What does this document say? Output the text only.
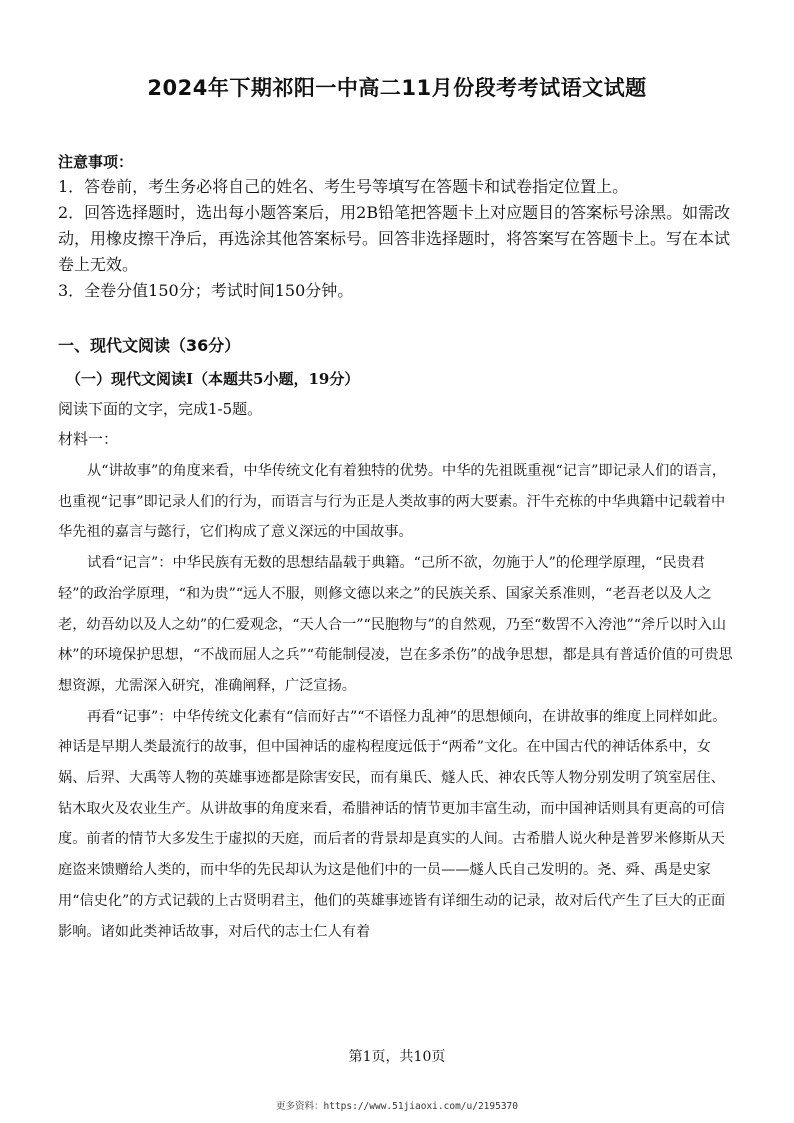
2024年下期祁阳一中高二11月份段考考试语文试题
注意事项：
1．答卷前，考生务必将自己的姓名、考生号等填写在答题卡和试卷指定位置上。
2．回答选择题时，选出每小题答案后，用2B铅笔把答题卡上对应题目的答案标号涂黑。如需改动，用橡皮擦干净后，再选涂其他答案标号。回答非选择题时，将答案写在答题卡上。写在本试卷上无效。
3．全卷分值150分；考试时间150分钟。
一、现代文阅读（36分）
（一）现代文阅读Ⅰ（本题共5小题，19分）
阅读下面的文字，完成1-5题。
材料一：

从“讲故事”的角度来看，中华传统文化有着独特的优势。中华的先祖既重视“记言”即记录人们的语言，也重视“记事”即记录人们的行为，而语言与行为正是人类故事的两大要素。汗牛充栋的中华典籍中记载着中华先祖的嘉言与懿行，它们构成了意义深远的中国故事。

试看“记言”：中华民族有无数的思想结晶载于典籍。“己所不欲，勿施于人”的伦理学原理，“民贵君轻”的政治学原理，“和为贵”“远人不服，则修文德以来之”的民族关系、国家关系准则，“老吾老以及人之老，幼吾幼以及人之幼”的仁爱观念，“天人合一”“民胞物与”的自然观，乃至“数罟不入洿池”“斧斤以时入山林”的环境保护思想，“不战而屈人之兵”“苟能制侵凌，岂在多杀伤”的战争思想，都是具有普适价值的可贵思想资源，尤需深入研究，准确阐释，广泛宣扬。

再看“记事”：中华传统文化素有“信而好古”“不语怪力乱神”的思想倾向，在讲故事的维度上同样如此。神话是早期人类最流行的故事，但中国神话的虚构程度远低于“两希”文化。在中国古代的神话体系中，女娲、后羿、大禹等人物的英雄事迹都是除害安民，而有巢氏、燧人氏、神农氏等人物分别发明了筑室居住、钻木取火及农业生产。从讲故事的角度来看，希腊神话的情节更加丰富生动，而中国神话则具有更高的可信度。前者的情节大多发生于虚拟的天庭，而后者的背景却是真实的人间。古希腊人说火种是普罗米修斯从天庭盗来馈赠给人类的，而中华的先民却认为这是他们中的一员——燧人氏自己发明的。尧、舜、禹是史家用“信史化”的方式记载的上古贤明君主，他们的英雄事迹皆有详细生动的记录，故对后代产生了巨大的正面影响。诸如此类神话故事，对后代的志士仁人有着

第1页，共10页
更多资料：https://www.51jiaoxi.com/u/2195370
